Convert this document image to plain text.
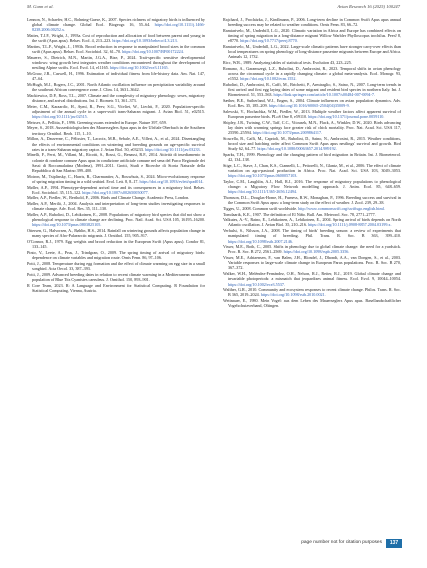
M. Gunn et al.	Avian Research 16 (2025) 100247

Lennon, N., Schaefer, H.C., Bohning-Gaese, K., 2007. Species richness of migratory birds is influenced by global climate change. Global Ecol. Biogeogr. 16, 55–64. https://doi.org/10.1111/j.1466-8238.2006.00252.x.

Mattes, T.J.F., Wright, J., 1993a. Cost of reproduction and allocation of food between parent and young in the swift (Apus apus). Behav. Ecol. 4, 213–223. https://doi.org/10.1093/beheco/4.3.213.

Martins, T.L.F., Wright, J., 1993b. Brood reduction in response to manipulated brood sizes in the common swift (Apus apus). Behav. Ecol. Sociobiol. 32, 61–70. https://doi.org/10.1007/BF00172224.

Mauerer, S., Dietrich, M.N., Martin, J.G.A., Bize, P., 2024. Trait-specific sensitive developmental windows: wing growth best integrates weather conditions encountered throughout the development of nestling Alpine swifts. Ecol. Evol. 14, e11165. https://doi.org/10.1002/ece3.11165.

McGraw, J.R., Caswell, H., 1996. Estimation of individual fitness from life-history data. Am. Nat. 147, 47–64.

McHugh, M.J., Rogers, J.C., 2001. North Atlantic oscillation influence on precipitation variability around the southeast African convergence zone. J. Clim. 14, 3631–3642.

Mackiewicz, D.P., Ross, T.L., 2007. Climate and the complexity of migratory phenology: sexes, migratory distance, and arrival distributions. Int. J. Biometr. 51, 361–373.

Meier, C.M., Karaardic, H., Aymí, R., Peev, S.G., Vitvliet, W., Liechti, F., 2020. Population-specific adjustment of the annual cycle in a super-swift trans-Saharan migrant. J. Avian Biol. 51, e02515. https://doi.org/10.1111/jav.02515.

Meisser, A., Pellitta, F., 1996. Greening swans extended in Europe. Nature 397, 659.

Meyer, S., 2018. Aussenbiologischen des Mauerseglers Apus apus in der Ulrftale Oberbach in die Southern territory. Ornithol. Beob. 115, 1–10.

Millon, A., Dauverne, C., Pélissier, T., Lacroix, M.B., Sebale, A.E., Villert, A., et al., 2024. Disentangling the effects of environmental conditions on wintering and breeding grounds on age-specific survival rates in a trans-Saharan migratory raptor. J. Avian Biol. 50, e03233. https://doi.org/10.1111/jav.03233.

Minelli, F., Ferri, M., Villani, M., Ricotti, S., Rossi, G., Benassi, R.F., 2014. Attività di insediamento in colonie di rondone comune Apus apus in condizione artificiale comune nel sena del Parco Regionale dei Sassi di Roccamalatina (Modena), 1991–2011. Grotti, Studi e Ricerche di Storia Naturale della Repubblica di San Marino 399–400.

Moiron, M., Tsiplinsky, C., Harris, R., Charmantier, A., Bouwhuis, S., 2024. Micro-evolutionary response of spring migration timing in a wild seabird. Evol. Lett. 8, 8–17. https://doi.org/10.1093/evlett/qrad014.

Møller, A.P., 1994. Phenotype-dependent arrival time and its consequences in a migratory bird. Behav. Ecol. Sociobiol. 35, 115–122. https://doi.org/10.1007/s002650050077.

Møller, A.P., Fiedler, W., Berthold, P., 2006. Birds and Climate Change. Academic Press, London.

Møller, A.P., Merilä, J., 2004. Analysis and interpretation of long-term studies investigating responses to climate change. Adv. Ecol. Res. 35, 111–130.

Møller, A.P., Rubolini, D., Lehikoinen, E., 2008. Populations of migratory bird species that did not show a phenological response to climate change are declining. Proc. Natl. Acad. Sci. USA 105, 16195–16200. https://doi.org/10.1073/pnas.0803825105.

Ottersen, G., Halvorsen, A., Bøhlin, H.S., 2014. Rainfall on wintering grounds affects population change in many species of Afro-Palaearctic migrants. J. Ornithol. 155, 905–917.

O'Connor, R.J., 1979. Egg weights and brood reduction in the European Swift (Apus apus). Condor 81, 133–145.

Pinto, V., Leete, A., Prus, J., Trindgran, O., 2009. The spring timing of arrival of migratory birds: dependence on climate variables and migration route. Ornis Fenn. 86, 97–106.

Potti, J., 2008. Temperature during egg formation and the effect of climate warming on egg size in a small songbird. Acta Oecol. 33, 387–393.

Potti, J., 2009. Advanced breeding dates in relation to recent climate warming in a Mediterranean montane population of Blue Tits Cyanistes caeruleus. J. Ornithol. 150, 893–901.

R Core Team, 2023. R: A Language and Environment for Statistical Computing. R Foundation for Statistical Computing, Vienna, Austria.

Rajchard, J., Procházka, J., Kindlmann, P., 2006. Long-term decline in Common Swift Apus apus annual breeding success may be related to weather conditions. Ornis Fenn. 83, 66–72.

Ramiarivelo, M., Underhill, L.G., 2020. Climatic variation in Africa and Europe has combined effects on timing of spring migration in a long-distance migrant Willow Warbler Phylloscopus trochilus. PeerJ 8, e8770. https://doi.org/10.7717/peerj.8770.

Ramiarivelo, M., Underhill, L.G., 2022. Large-scale climatic patterns have stronger carry-over effects than local temperatures on spring phenology of long-distance passerine migrants between Europe and Africa. Animals 12, 1732.

Ricc, W.R., 1989. Analyzing tables of statistical tests. Evolution 43, 223–225.

Romano, A., Garamszegi, L.Z., Rubolini, D., Ambrosini, R., 2023. Temporal shifts in avian phenology across the circannual cycle in a rapidly changing climate: a global meta-analysis. Ecol. Monogr. 93, e1552. https://doi.org/10.1002/ecm.1552.

Rubolini, D., Ambrosini, R., Caffi, M., Brichetti, P., Armiraglio, S., Saino, N., 2007. Long-term trends in first arrival and first egg laying dates of some migrant and resident bird species in northern Italy. Int. J. Biometeorol. 51, 553–563. https://link.springer.com/article/10.1007/s00484-007-0094-7.

Sæther, B.E., Sutherland, W.J., Engen, S., 2004. Climate influences on avian population dynamics. Adv. Ecol. Res. 35, 185–209. https://doi.org/10.1016/S0065-2504(04)35009-9.

Salewski, V., Hochachka, W.M., Fiedler, W., 2013. Multiple weather factors affect apparent survival of European passerine birds. PLoS One 8, e59110. https://doi.org/10.1371/journal.pone.0059110.

Shipley, J.R., Twining, C.W., Taff, C.C., Vitousek, M.N., Flack, A., Winkler, D.W., 2020. Birds advancing lay dates with warming springs face greater risk of chick mortality. Proc. Nat. Acad. Sci. USA 117, 25590–25594. https://doi.org/10.1073/pnas.2009864117.

Sicurella, B., Caffi, M., Caprioli, M., Rubolini, D., Saino, N., Ambrosini, R., 2015. Weather conditions, brood size and hatching order affect Common Swift Apus apus nestlings' survival and growth. Bird Study 62, 64–77. https://doi.org/10.1080/00063657.2014.989192.

Sparks, T.H., 1999. Phenology and the changing pattern of bird migration in Britain. Int. J. Biometeorol. 42, 134–138.

Stige, L.C., Stave, J., Chan, K.S., Ciannelli, L., Pettorelli, N., Glantz, M., et al., 2006. The effect of climate variation on agro-pastoral production in Africa. Proc. Nat. Acad. Sci. USA 103, 3049–3053. https://doi.org/10.1073/pnas.0600057103.

Taylor, C.M., Laughlin, A.J., Hall, R.J., 2016. The response of migratory populations to phenological change: a Migratory Flow Network modelling approach. J. Anim. Ecol. 85, 648–659. https://doi.org/10.1111/1365-2656.12494.

Thomson, D.L., Douglas-Home, H., Furness, R.W., Monaghan, P., 1996. Breeding success and survival in the Common Swift Apus apus: a long-term study on the effect of weather. J. Zool. 239, 29–38.

Tigges, U., 2008. Common swift worldwide. http://www.commonswift.org/swiftsgo.english.html.

Tomdaarik, K.E., 1907. The definition of El Niño. Bull. Am. Meteorol. Soc. 78, 2771–2777.

Valkutes, A.-V., Raino, E., Lehikoinen, A., Lehikoinen, E., 2004. Spring arrival of birds depends on North Atlantic oscillation. J. Avian Biol. 35, 210–216. https://doi.org/10.1111/j.0908-8857.2004.03199.x.

Verhulst, S., Nilsson, J.A., 2008. The timing of birds' breeding season: a review of experiments that manipulated timing of breeding. Phil. Trans. R. Soc. B 363, 399–410. https://doi.org/10.1098/rstb.2007.2146.

Visser, M.E., Both, C., 2005. Shifts in phenology due to global climate change: the need for a yardstick. Proc. R. Soc. B 272, 2561–2569. https://doi.org/10.1098/rspb.2005.3356.

Visser, M.E., Adriaensen, F., van Balen, J.H., Blondel, J., Dhondt, A.A., van Dongen, S., et al., 2003. Variable responses to large-scale climate change in European Parus populations. Proc. R. Soc. B 270, 367–372.

Walker, W.H., Meléndez-Fernández, O.H., Nelson, R.J., Reiter, R.J., 2019. Global climate change and invariable photoperiods: a mismatch that jeopardizes animal fitness. Ecol. Evol. 9, 10044–10054. https://doi.org/10.1002/ece3.5537.

Walther, G.R., 2010. Community and ecosystem responses to recent climate change. Philos. Trans. R. Soc. B 365, 2019–2024. https://doi.org/10.1098/rstb.2010.0021.

Weitnauer, E., 1980. Mein Vogel: aus dem Leben des Mauerseglers Apus apus. Basellandschaftlicher Vogelschutzverband, Oltingen.

page number not for citation purposes	137
